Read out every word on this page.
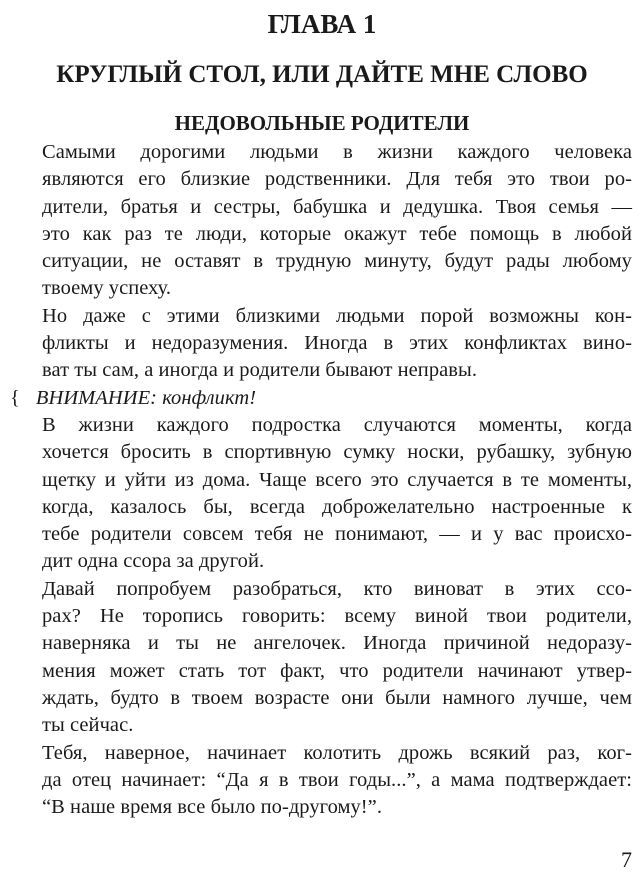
ГЛАВА 1
КРУГЛЫЙ СТОЛ, ИЛИ ДАЙТЕ МНЕ СЛОВО
НЕДОВОЛЬНЫЕ РОДИТЕЛИ

Самыми дорогими людьми в жизни каждого человека
являются его близкие родственники. Для тебя это твои ро-
дители, братья и сестры, бабушка и дедушка. Твоя семья —
это как раз те люди, которые окажут тебе помощь в любой
ситуации, не оставят в трудную минуту, будут рады любому
твоему успеху.

Но даже с этими близкими людьми порой возможны кон-
фликты и недоразумения. Иногда в этих конфликтах вино-
ват ты сам, а иногда и родители бывают неправы.

{ ВНИМАНИЕ: конфликт!

В жизни каждого подростка случаются моменты, когда
хочется бросить в спортивную сумку носки, рубашку, зубную
щетку и уйти из дома. Чаще всего это случается в те моменты,
когда, казалось бы, всегда доброжелательно настроенные к
тебе родители совсем тебя не понимают, — и у вас происхо-
дит одна ссора за другой.

Давай попробуем разобраться, кто виноват в этих ссо-
рах? Не торопись говорить: всему виной твои родители,
наверняка и ты не ангелочек. Иногда причиной недоразу-
мения может стать тот факт, что родители начинают утвер-
ждать, будто в твоем возрасте они были намного лучше, чем
ты сейчас.

Тебя, наверное, начинает колотить дрожь всякий раз, ког-
да отец начинает: “Да я в твои годы...”, а мама подтверждает:
“В наше время все было по-другому!”.

7
